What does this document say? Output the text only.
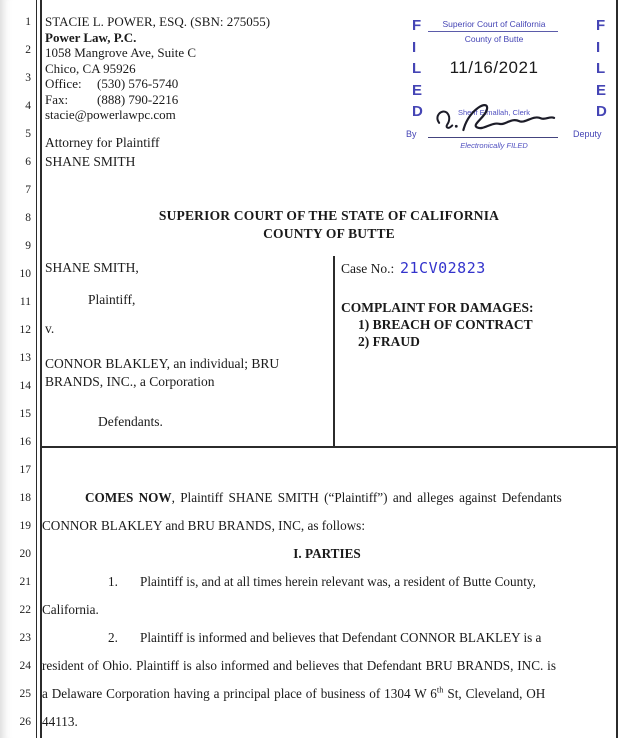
1
2
3
4
5
6
7
8
9
10
11
12
13
14
15
16
17
18
19
20
21
22
23
24
25
26
STACIE L. POWER, ESQ. (SBN: 275055)
Power Law, P.C.
1058 Mangrove Ave, Suite C
Chico, CA 95926
Office: (530) 576-5740
Fax: (888) 790-2216
stacie@powerlawpc.com
Attorney for Plaintiff
SHANE SMITH
F
I
L
E
D
F
I
L
E
D
Superior Court of California
County of Butte
11/16/2021
Sherif Elmallah, Clerk
By	Deputy
Electronically FILED
SUPERIOR COURT OF THE STATE OF CALIFORNIA
COUNTY OF BUTTE
SHANE SMITH,
Plaintiff,
v.
CONNOR BLAKLEY, an individual; BRU
BRANDS, INC., a Corporation
Defendants.
Case No.: 21CV02823
COMPLAINT FOR DAMAGES:
1) BREACH OF CONTRACT
2) FRAUD
COMES NOW, Plaintiff SHANE SMITH (“Plaintiff”) and alleges against Defendants
CONNOR BLAKLEY and BRU BRANDS, INC, as follows:
I. PARTIES
1. Plaintiff is, and at all times herein relevant was, a resident of Butte County,
California.
2. Plaintiff is informed and believes that Defendant CONNOR BLAKLEY is a
resident of Ohio. Plaintiff is also informed and believes that Defendant BRU BRANDS, INC. is
a Delaware Corporation having a principal place of business of 1304 W 6th St, Cleveland, OH
44113.
